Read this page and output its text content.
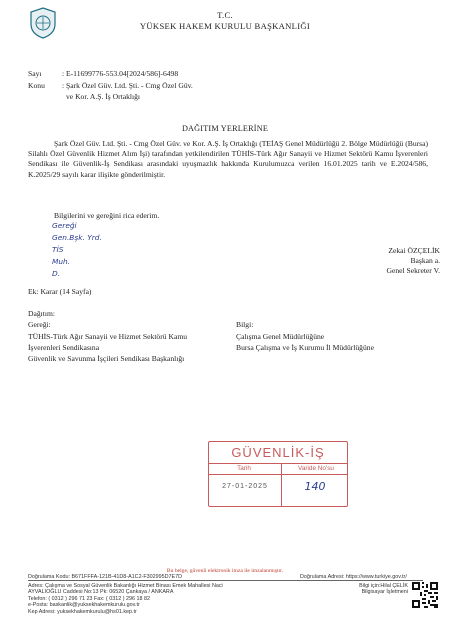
T.C.
YÜKSEK HAKEM KURULU BAŞKANLIĞI
Sayı	: E-11699776-553.04[2024/586]-6498
Konu : Şark Özel Güv. Ltd. Şti. - Cmg Özel Güv.
ve Kor. A.Ş. İş Ortaklığı
DAĞITIM YERLERİNE
Şark Özel Güv. Ltd. Şti. - Cmg Özel Güv. ve Kor. A.Ş. İş Ortaklığı (TEİAŞ Genel Müdürlüğü 2. Bölge Müdürlüğü (Bursa) Silahlı Özel Güvenlik Hizmet Alım İşi) tarafından yetkilendirilen TÜHİS-Türk Ağır Sanayii ve Hizmet Sektörü Kamu İşverenleri Sendikası ile Güvenlik-İş Sendikası arasındaki uyuşmazlık hakkında Kurulumuzca verilen 16.01.2025 tarih ve E.2024/586, K.2025/29 sayılı karar ilişikte gönderilmiştir.
Bilgilerini ve gereğini rica ederim.
Gereği
Gen.Bşk. Yrd.
TİS
Muh.
D.
Zekai ÖZÇELİK
Başkan a.
Genel Sekreter V.
Ek: Karar (14 Sayfa)
Dağıtım:
Gereği:
TÜHİS-Türk Ağır Sanayii ve Hizmet Sektörü Kamu
İşverenleri Sendikasına
Güvenlik ve Savunma İşçileri Sendikası Başkanlığı
Bilgi:
Çalışma Genel Müdürlüğüne
Bursa Çalışma ve İş Kurumu İl Müdürlüğüne
GÜVENLİK-İŞ
Tarih	Varide No'su
27-01-2025	140
Bu belge, güvenli elektronik imza ile imzalanmıştır.
Doğrulama Kodu: B671FFFA-121B-41D8-A1C2-F302995D7E7D	Doğrulama Adresi: https://www.turkiye.gov.tr/
Adres: Çalışma ve Sosyal Güvenlik Bakanlığı Hizmet Binası Emek Mahallesi Naci
AYVALIOĞLU Caddesi No:13 Pk: 06520 Çankaya / ANKARA
Telefon: ( 0312 ) 296 71 23 Fax: ( 0312 ) 296 18 82
e-Posta: baskanlik@yuksekhakemkurulu.gov.tr
Kep Adresi: yuksekhakemkurulu@hs01.kep.tr
Bilgi için:Hilal ÇELİK
Bilgisayar İşletmeni
